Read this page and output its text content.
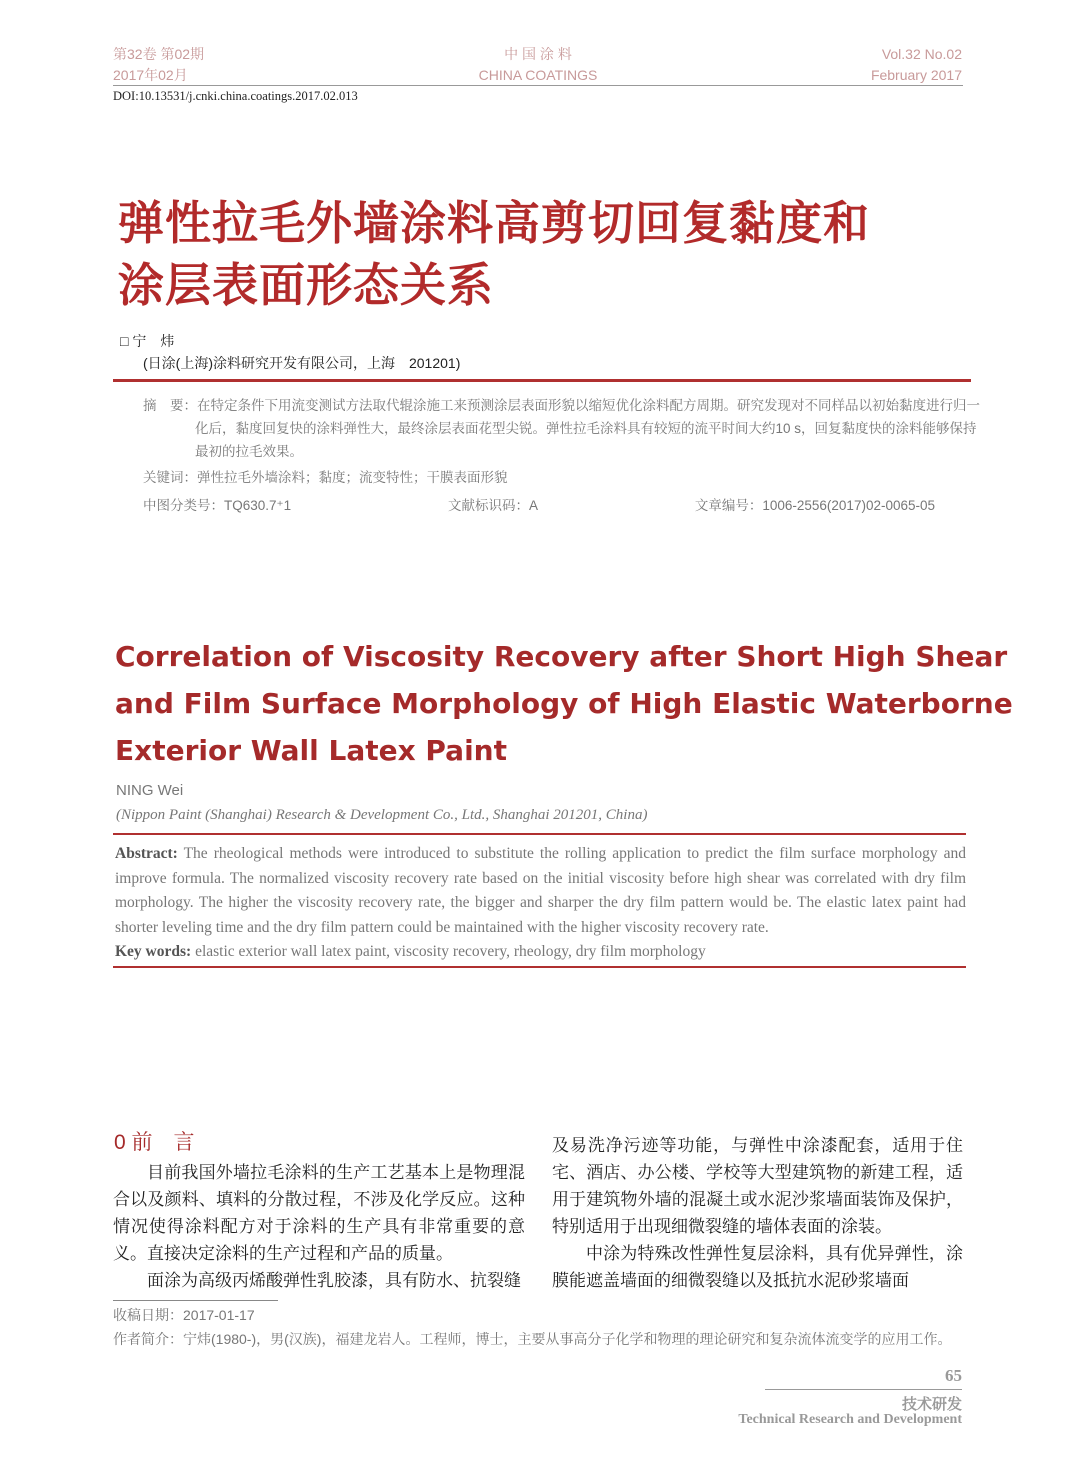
第32卷 第02期
2017年02月
中 国 涂 料
CHINA COATINGS
Vol.32 No.02
February 2017
DOI:10.13531/j.cnki.china.coatings.2017.02.013
弹性拉毛外墙涂料高剪切回复黏度和
涂层表面形态关系
□ 宁　炜
(日涂(上海)涂料研究开发有限公司，上海　201201)
摘　要：在特定条件下用流变测试方法取代辊涂施工来预测涂层表面形貌以缩短优化涂料配方周期。研究发现对不同样品以初始黏度进行归一化后，黏度回复快的涂料弹性大，最终涂层表面花型尖锐。弹性拉毛涂料具有较短的流平时间大约10 s，回复黏度快的涂料能够保持最初的拉毛效果。
关键词：弹性拉毛外墙涂料；黏度；流变特性；干膜表面形貌
中图分类号：TQ630.7⁺1	文献标识码：A	文章编号：1006-2556(2017)02-0065-05
Correlation of Viscosity Recovery after Short High Shear
and Film Surface Morphology of High Elastic Waterborne
Exterior Wall Latex Paint
NING Wei
(Nippon Paint (Shanghai) Research & Development Co., Ltd., Shanghai 201201, China)
Abstract: The rheological methods were introduced to substitute the rolling application to predict the film surface morphology and improve formula. The normalized viscosity recovery rate based on the initial viscosity before high shear was correlated with dry film morphology. The higher the viscosity recovery rate, the bigger and sharper the dry film pattern would be. The elastic latex paint had shorter leveling time and the dry film pattern could be maintained with the higher viscosity recovery rate.
Key words: elastic exterior wall latex paint, viscosity recovery, rheology, dry film morphology
0 前　言
目前我国外墙拉毛涂料的生产工艺基本上是物理混合以及颜料、填料的分散过程，不涉及化学反应。这种情况使得涂料配方对于涂料的生产具有非常重要的意义。直接决定涂料的生产过程和产品的质量。
面涂为高级丙烯酸弹性乳胶漆，具有防水、抗裂缝
及易洗净污迹等功能，与弹性中涂漆配套，适用于住宅、酒店、办公楼、学校等大型建筑物的新建工程，适用于建筑物外墙的混凝土或水泥沙浆墙面装饰及保护，特别适用于出现细微裂缝的墙体表面的涂装。
中涂为特殊改性弹性复层涂料，具有优异弹性，涂膜能遮盖墙面的细微裂缝以及抵抗水泥砂浆墙面
收稿日期：2017-01-17
作者简介：宁炜(1980-)，男(汉族)，福建龙岩人。工程师，博士，主要从事高分子化学和物理的理论研究和复杂流体流变学的应用工作。
65
技术研发
Technical Research and Development
